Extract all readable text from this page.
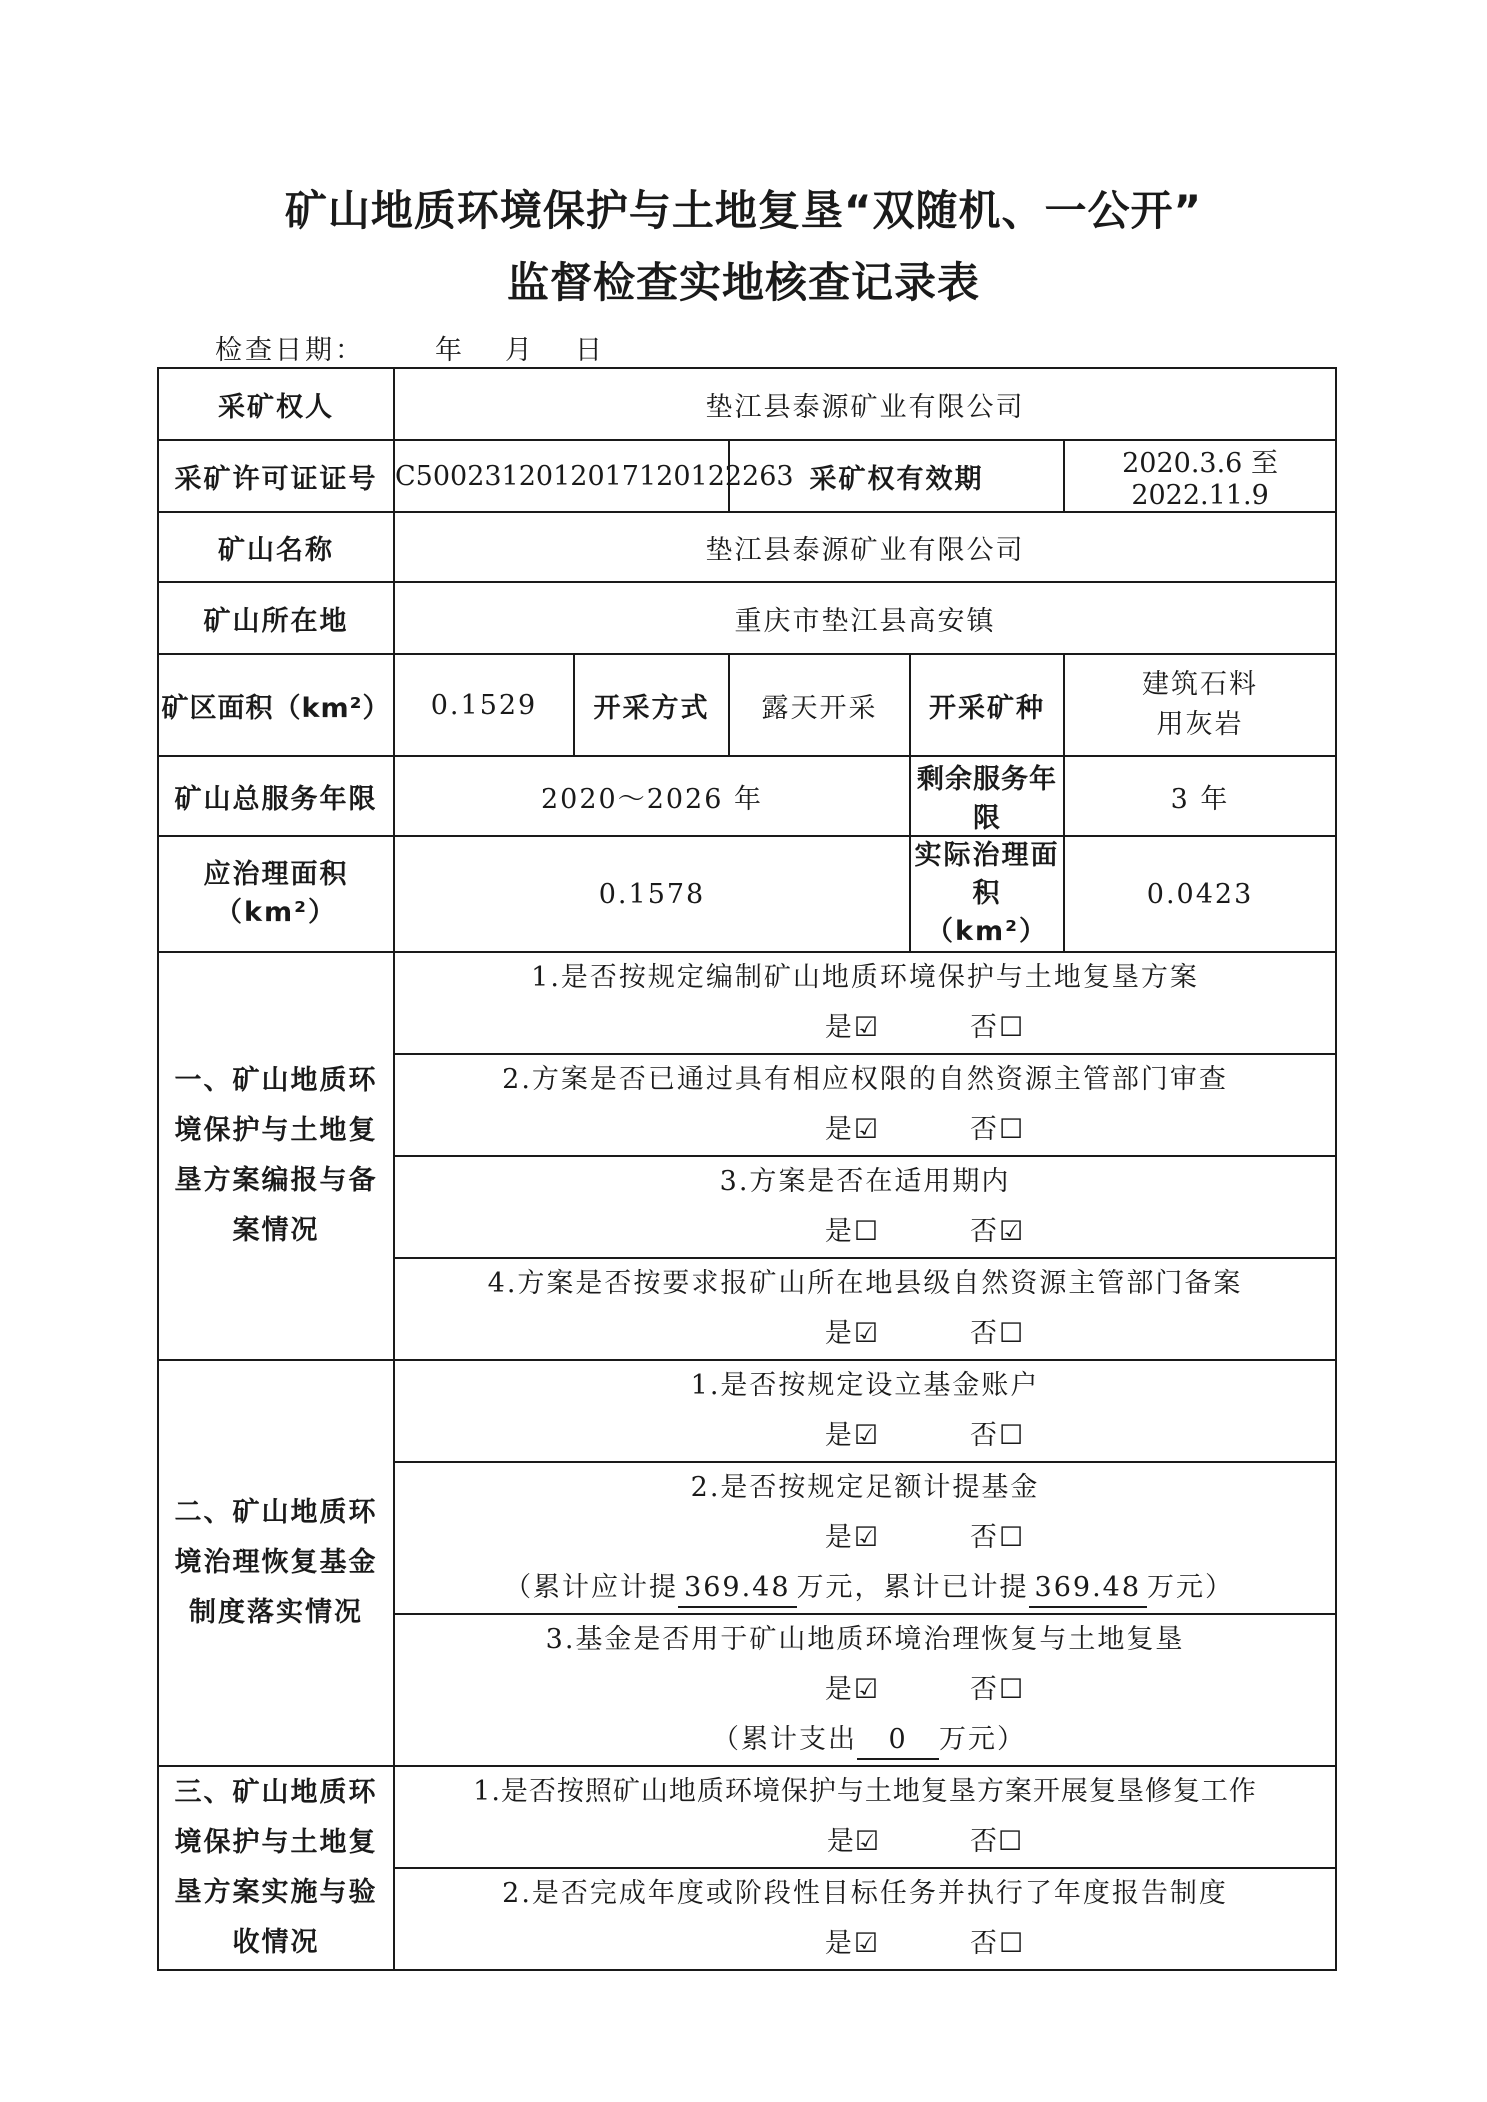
矿山地质环境保护与土地复垦“双随机、一公开”
监督检查实地核查记录表
检查日期：	年 月 日
采矿权人	垫江县泰源矿业有限公司				
采矿许可证证号	C5002312012017120122263		采矿权有效期		2020.3.6 至 2022.11.9
矿山名称	垫江县泰源矿业有限公司				
矿山所在地	重庆市垫江县高安镇				
矿区面积（km²）	0.1529	开采方式	露天开采	开采矿种	建筑石料
用灰岩

矿山总服务年限	2020～2026 年			剩余服务年限	3 年

应治理面积
（km²）	0.1578			实际治理面积
（km²）	0.0423

一、矿山地质环
境保护与土地复
垦方案编报与备
案情况	1.是否按规定编制矿山地质环境保护与土地复垦方案
是☑ 否☐				

	2.方案是否已通过具有相应权限的自然资源主管部门审查
是☑ 否☐				

	3.方案是否在适用期内
是☐ 否☑				

	4.方案是否按要求报矿山所在地县级自然资源主管部门备案
是☑ 否☐				

二、矿山地质环
境治理恢复基金
制度落实情况	1.是否按规定设立基金账户
是☑ 否☐				

	2.是否按规定足额计提基金
是☑ 否☐
（累计应计提 369.48 万元，累计已计提 369.48 万元）				

	3.基金是否用于矿山地质环境治理恢复与土地复垦
是☑ 否☐
（累计支出 0 万元）				

三、矿山地质环
境保护与土地复
垦方案实施与验
收情况	1.是否按照矿山地质环境保护与土地复垦方案开展复垦修复工作
是☑ 否☐				

	2.是否完成年度或阶段性目标任务并执行了年度报告制度
是☑ 否☐				
